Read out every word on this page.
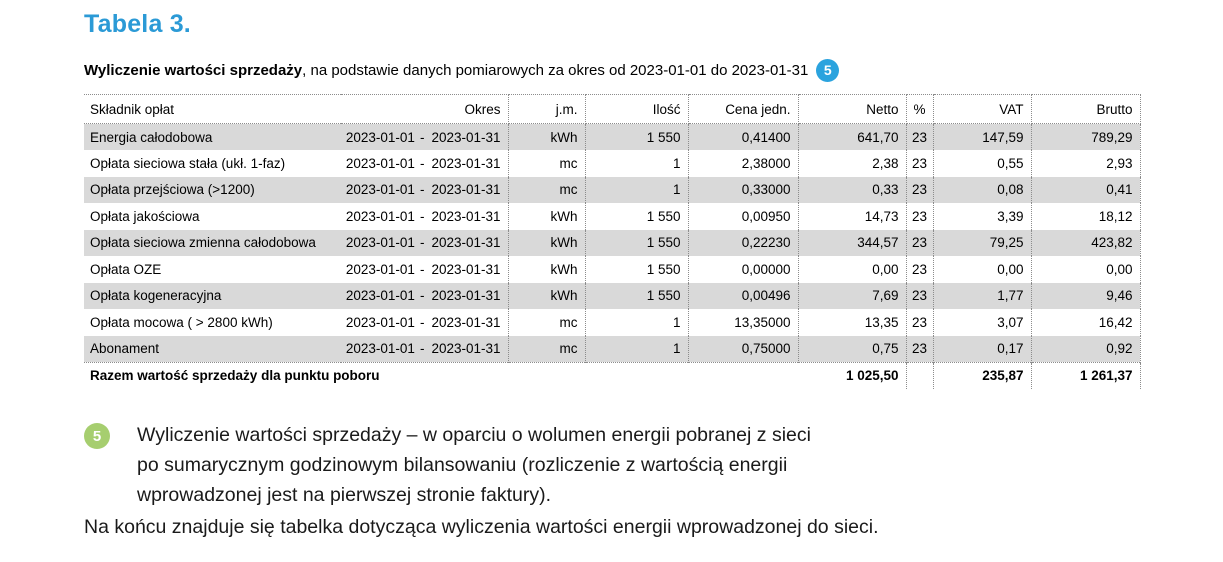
Tabela 3.
Wyliczenie wartości sprzedaży , na podstawie danych pomiarowych za okres od 2023-01-01 do 2023-01-31	5
Składnik opłat	Okres	j.m.	Ilość	Cena jedn.	Netto	%	VAT	Brutto
Energia całodobowa	2023-01-01 - 2023-01-31	kWh	1 550	0,41400	641,70	23	147,59	789,29
Opłata sieciowa stała (ukł. 1-faz)	2023-01-01 - 2023-01-31	mc	1	2,38000	2,38	23	0,55	2,93
Opłata przejściowa (>1200)	2023-01-01 - 2023-01-31	mc	1	0,33000	0,33	23	0,08	0,41
Opłata jakościowa	2023-01-01 - 2023-01-31	kWh	1 550	0,00950	14,73	23	3,39	18,12
Opłata sieciowa zmienna całodobowa	2023-01-01 - 2023-01-31	kWh	1 550	0,22230	344,57	23	79,25	423,82
Opłata OZE	2023-01-01 - 2023-01-31	kWh	1 550	0,00000	0,00	23	0,00	0,00
Opłata kogeneracyjna	2023-01-01 - 2023-01-31	kWh	1 550	0,00496	7,69	23	1,77	9,46
Opłata mocowa ( > 2800 kWh)	2023-01-01 - 2023-01-31	mc	1	13,35000	13,35	23	3,07	16,42
Abonament	2023-01-01 - 2023-01-31	mc	1	0,75000	0,75	23	0,17	0,92
Razem wartość sprzedaży dla punktu poboru					1 025,50		235,87	1 261,37
5	Wyliczenie wartości sprzedaży – w oparciu o wolumen energii pobranej z sieci
po sumarycznym godzinowym bilansowaniu (rozliczenie z wartością energii
wprowadzonej jest na pierwszej stronie faktury).
Na końcu znajduje się tabelka dotycząca wyliczenia wartości energii wprowadzonej do sieci.
